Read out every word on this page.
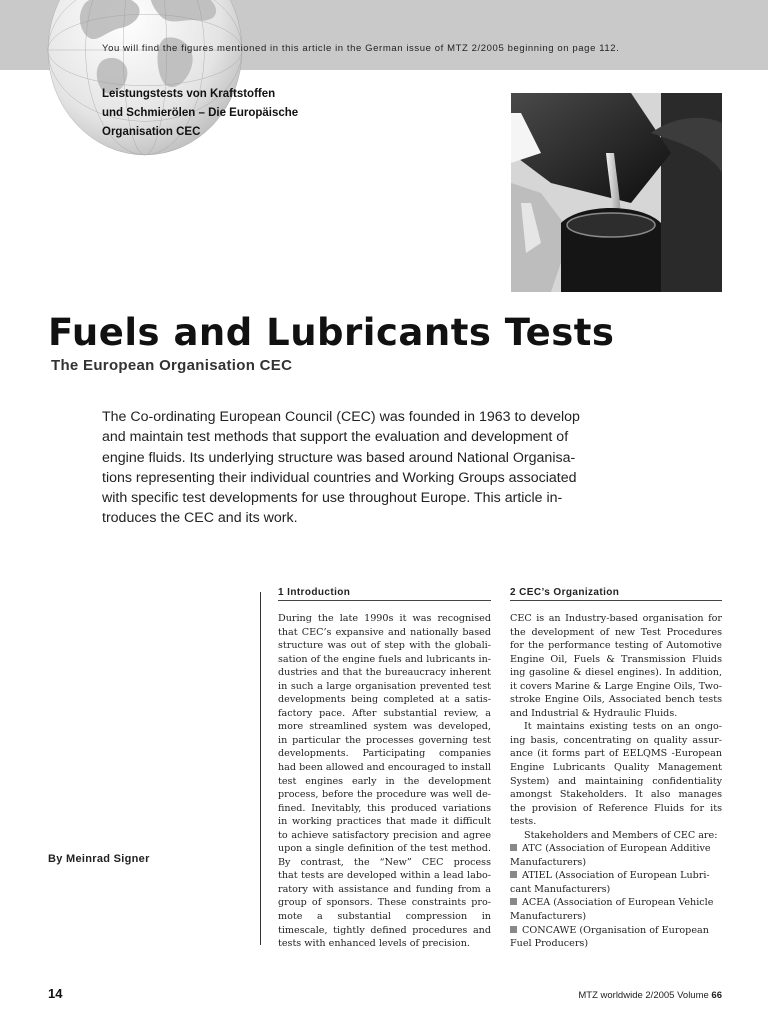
You will find the figures mentioned in this article in the German issue of MTZ 2/2005 beginning on page 112.
Leistungstests von Kraftstoffen
und Schmierölen – Die Europäische
Organisation CEC
Fuels and Lubricants Tests
The European Organisation CEC
The Co-ordinating European Council (CEC) was founded in 1963 to develop
and maintain test methods that support the evaluation and development of
engine fluids. Its underlying structure was based around National Organisa-
tions representing their individual countries and Working Groups associated
with specific test developments for use throughout Europe. This article in-
troduces the CEC and its work.
1 Introduction	2 CEC’s Organization
During the late 1990s it was recognised
that CEC’s expansive and nationally based
structure was out of step with the globali-
sation of the engine fuels and lubricants in-
dustries and that the bureaucracy inherent
in such a large organisation prevented test
developments being completed at a satis-
factory pace. After substantial review, a
more streamlined system was developed,
in particular the processes governing test
developments. Participating companies
had been allowed and encouraged to install
test engines early in the development
process, before the procedure was well de-
fined. Inevitably, this produced variations
in working practices that made it difficult
to achieve satisfactory precision and agree
upon a single definition of the test method.
By contrast, the “New” CEC process
that tests are developed within a lead labo-
ratory with assistance and funding from a
group of sponsors. These constraints pro-
mote a substantial compression in
timescale, tightly defined procedures and
tests with enhanced levels of precision.
CEC is an Industry-based organisation for
the development of new Test Procedures
for the performance testing of Automotive
Engine Oil, Fuels & Transmission Fluids
ing gasoline & diesel engines). In addition,
it covers Marine & Large Engine Oils, Two-
stroke Engine Oils, Associated bench tests
and Industrial & Hydraulic Fluids.
It maintains existing tests on an ongo-
ing basis, concentrating on quality assur-
ance (it forms part of EELQMS -European
Engine Lubricants Quality Management
System) and maintaining confidentiality
amongst Stakeholders. It also manages
the provision of Reference Fluids for its
tests.
Stakeholders and Members of CEC are:
ATC (Association of European Additive
Manufacturers)
ATIEL (Association of European Lubri-
cant Manufacturers)
ACEA (Association of European Vehicle
Manufacturers)
CONCAWE (Organisation of European
Fuel Producers)
By Meinrad Signer
14	MTZ worldwide 2/2005 Volume 66
